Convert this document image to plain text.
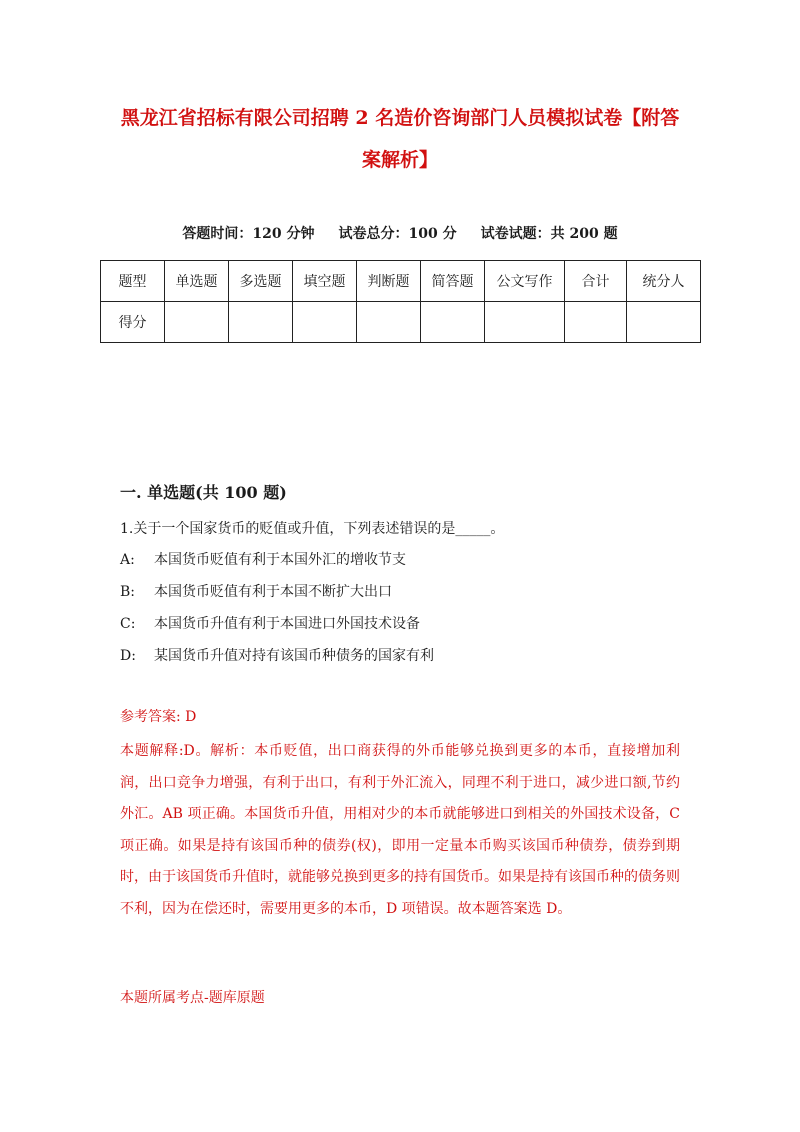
黑龙江省招标有限公司招聘 2 名造价咨询部门人员模拟试卷【附答
案解析】
答题时间：120 分钟 试卷总分：100 分 试卷试题：共 200 题
题型	单选题	多选题	填空题	判断题	简答题	公文写作	合计	统分人
得分								
一. 单选题(共 100 题)
1.关于一个国家货币的贬值或升值，下列表述错误的是_____。
A: 本国货币贬值有利于本国外汇的增收节支
B: 本国货币贬值有利于本国不断扩大出口
C: 本国货币升值有利于本国进口外国技术设备
D: 某国货币升值对持有该国币种债务的国家有利
参考答案: D
本题解释:D。解析：本币贬值，出口商获得的外币能够兑换到更多的本币，直接增加利润，出口竞争力增强，有利于出口，有利于外汇流入，同理不利于进口，减少进口额,节约外汇。AB 项正确。本国货币升值，用相对少的本币就能够进口到相关的外国技术设备，C 项正确。如果是持有该国币种的债券(权)，即用一定量本币购买该国币种债券，债券到期时，由于该国货币升值时，就能够兑换到更多的持有国货币。如果是持有该国币种的债务则不利，因为在偿还时，需要用更多的本币，D 项错误。故本题答案选 D。
本题所属考点-题库原题
